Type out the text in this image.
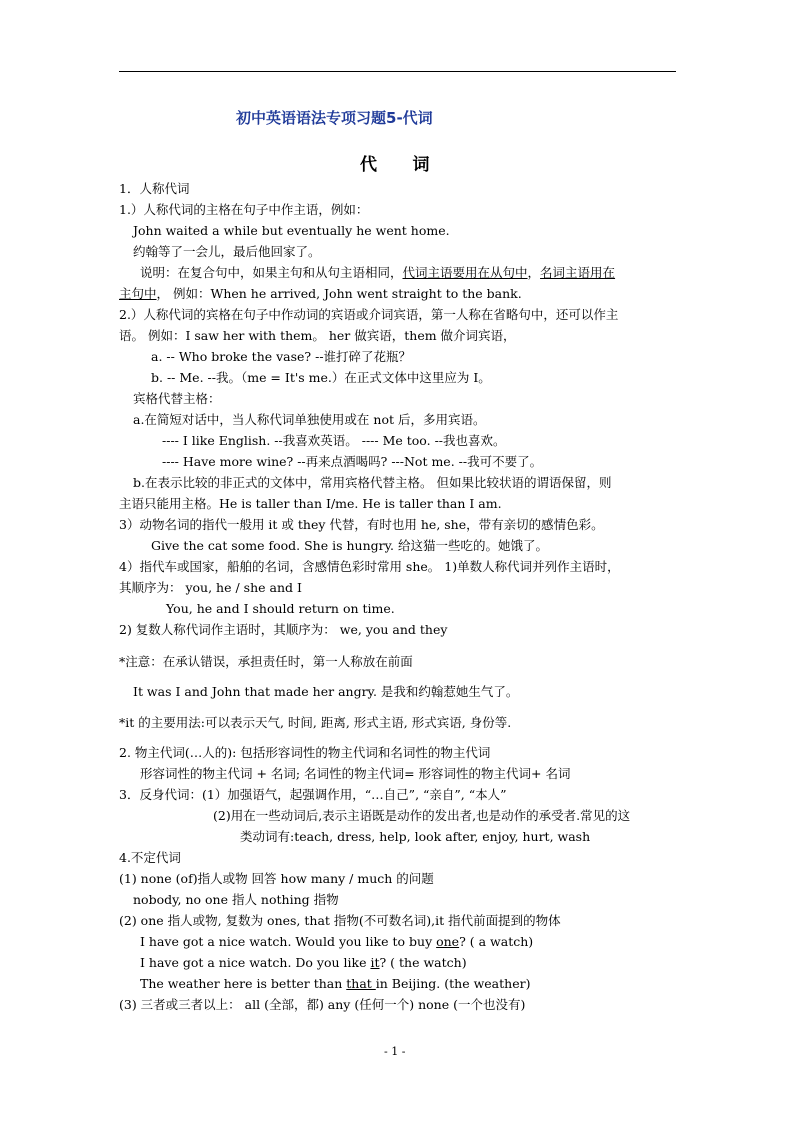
初中英语语法专项习题5-代词
代      词
1．人称代词
1.）人称代词的主格在句子中作主语，例如：
John waited a while but eventually he went home.
约翰等了一会儿，最后他回家了。
说明：在复合句中，如果主句和从句主语相同，代词主语要用在从句中，名词主语用在
主句中， 例如：When he arrived, John went straight to the bank.
2.）人称代词的宾格在句子中作动词的宾语或介词宾语，第一人称在省略句中，还可以作主
语。 例如：I saw her with them。 her 做宾语，them 做介词宾语，
a. -- Who broke the vase? --谁打碎了花瓶？
b. -- Me. --我。（me = It's me.）在正式文体中这里应为 I。
宾格代替主格：
a.在简短对话中，当人称代词单独使用或在 not 后，多用宾语。
---- I like English. --我喜欢英语。 ---- Me too. --我也喜欢。
---- Have more wine? --再来点酒喝吗? ---Not me. --我可不要了。
b.在表示比较的非正式的文体中，常用宾格代替主格。 但如果比较状语的谓语保留，则
主语只能用主格。He is taller than I/me. He is taller than I am.
3）动物名词的指代一般用 it 或 they 代替，有时也用 he, she，带有亲切的感情色彩。
Give the cat some food. She is hungry. 给这猫一些吃的。她饿了。
4）指代车或国家，船舶的名词，含感情色彩时常用 she。 1)单数人称代词并列作主语时，
其顺序为： you, he / she and I
You, he and I should return on time.
2) 复数人称代词作主语时，其顺序为： we, you and they
*注意：在承认错误，承担责任时，第一人称放在前面
It was I and John that made her angry. 是我和约翰惹她生气了。
*it 的主要用法:可以表示天气, 时间, 距离, 形式主语, 形式宾语, 身份等.
2. 物主代词(…人的): 包括形容词性的物主代词和名词性的物主代词
形容词性的物主代词 + 名词; 名词性的物主代词= 形容词性的物主代词+ 名词
3．反身代词：(1）加强语气，起强调作用，“…自己”, “亲自”, “本人”
(2)用在一些动词后,表示主语既是动作的发出者,也是动作的承受者.常见的这
类动词有:teach, dress, help, look after, enjoy, hurt, wash
4.不定代词
(1) none (of)指人或物 回答 how many / much 的问题
nobody, no one 指人 nothing 指物
(2) one 指人或物, 复数为 ones, that 指物(不可数名词),it 指代前面提到的物体
I have got a nice watch. Would you like to buy one? ( a watch)
I have got a nice watch. Do you like it? ( the watch)
The weather here is better than that in Beijing. (the weather)
(3) 三者或三者以上： all (全部，都) any (任何一个) none (一个也没有)
- 1 -
